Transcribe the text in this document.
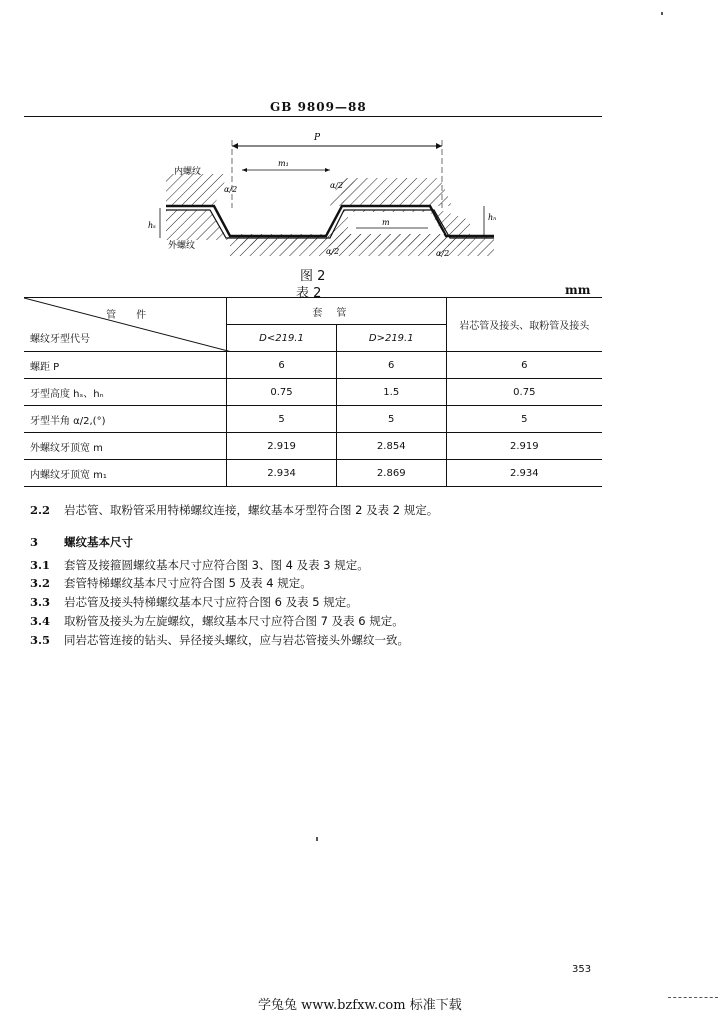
GB 9809—88
P
m₁
m
内螺纹
外螺纹
hₛ
hₙ
α/2	α/2
α/2	α/2
图 2
表 2	mm
管件
螺纹牙型代号	套管		岩芯管及接头、取粉管及接头
	D<219.1	D>219.1	
螺距 P	6	6	6
牙型高度 hₛ、hₙ	0.75	1.5	0.75
牙型半角 α/2,(°)	5	5	5
外螺纹牙顶宽 m	2.919	2.854	2.919
内螺纹牙顶宽 m₁	2.934	2.869	2.934
2.2 岩芯管、取粉管采用特梯螺纹连接，螺纹基本牙型符合图 2 及表 2 规定。
3 螺纹基本尺寸
3.1 套管及接箍圆螺纹基本尺寸应符合图 3、图 4 及表 3 规定。
3.2 套管特梯螺纹基本尺寸应符合图 5 及表 4 规定。
3.3 岩芯管及接头特梯螺纹基本尺寸应符合图 6 及表 5 规定。
3.4 取粉管及接头为左旋螺纹，螺纹基本尺寸应符合图 7 及表 6 规定。
3.5 同岩芯管连接的钻头、异径接头螺纹，应与岩芯管接头外螺纹一致。
353
学兔兔 www.bzfxw.com 标准下载
